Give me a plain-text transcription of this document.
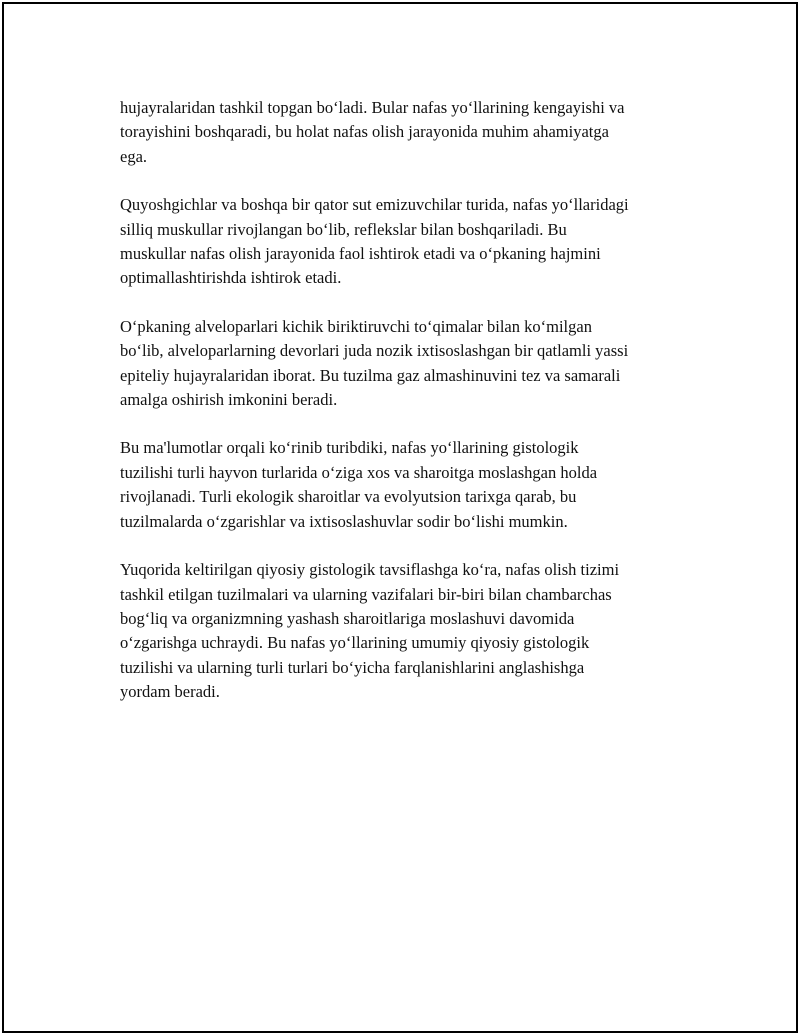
hujayralaridan tashkil topgan bo‘ladi. Bular nafas yo‘llarining kengayishi va
torayishini boshqaradi, bu holat nafas olish jarayonida muhim ahamiyatga
ega.

Quyoshgichlar va boshqa bir qator sut emizuvchilar turida, nafas yo‘llaridagi
silliq muskullar rivojlangan bo‘lib, reflekslar bilan boshqariladi. Bu
muskullar nafas olish jarayonida faol ishtirok etadi va o‘pkaning hajmini
optimallashtirishda ishtirok etadi.

O‘pkaning alveloparlari kichik biriktiruvchi to‘qimalar bilan ko‘milgan
bo‘lib, alveloparlarning devorlari juda nozik ixtisoslashgan bir qatlamli yassi
epiteliy hujayralaridan iborat. Bu tuzilma gaz almashinuvini tez va samarali
amalga oshirish imkonini beradi.

Bu ma'lumotlar orqali ko‘rinib turibdiki, nafas yo‘llarining gistologik
tuzilishi turli hayvon turlarida o‘ziga xos va sharoitga moslashgan holda
rivojlanadi. Turli ekologik sharoitlar va evolyutsion tarixga qarab, bu
tuzilmalarda o‘zgarishlar va ixtisoslashuvlar sodir bo‘lishi mumkin.

Yuqorida keltirilgan qiyosiy gistologik tavsiflashga ko‘ra, nafas olish tizimi
tashkil etilgan tuzilmalari va ularning vazifalari bir-biri bilan chambarchas
bog‘liq va organizmning yashash sharoitlariga moslashuvi davomida
o‘zgarishga uchraydi. Bu nafas yo‘llarining umumiy qiyosiy gistologik
tuzilishi va ularning turli turlari bo‘yicha farqlanishlarini anglashishga
yordam beradi.
